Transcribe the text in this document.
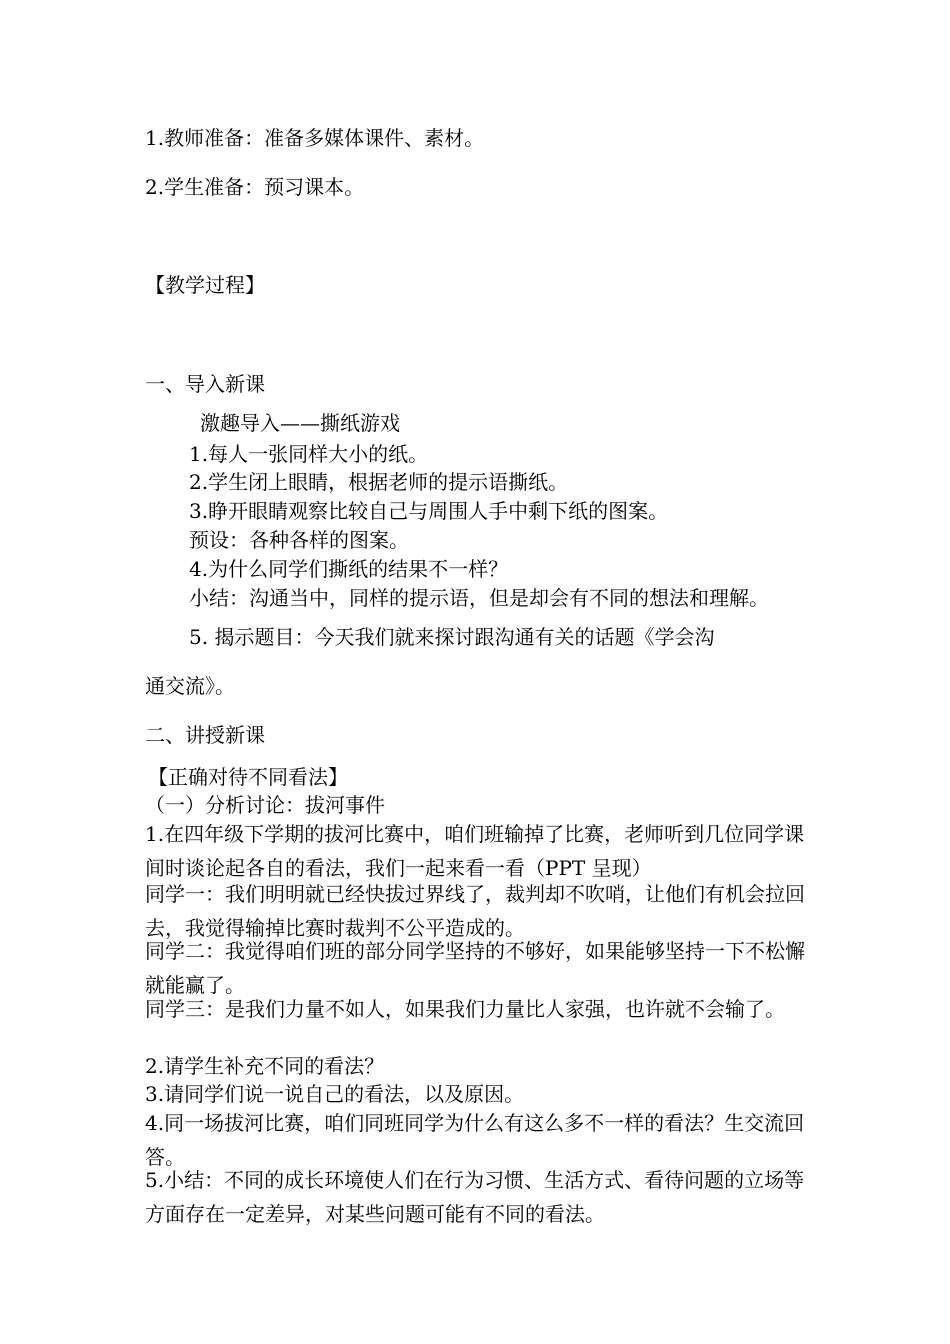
1.教师准备：准备多媒体课件、素材。

2.学生准备：预习课本。

【教学过程】

一、导入新课

激趣导入——撕纸游戏

1.每人一张同样大小的纸。

2.学生闭上眼睛，根据老师的提示语撕纸。

3.睁开眼睛观察比较自己与周围人手中剩下纸的图案。

预设：各种各样的图案。

4.为什么同学们撕纸的结果不一样？

小结：沟通当中，同样的提示语，但是却会有不同的想法和理解。

5. 揭示题目：今天我们就来探讨跟沟通有关的话题《学会沟

通交流》。

二、讲授新课

【正确对待不同看法】

（一）分析讨论：拔河事件

1.在四年级下学期的拔河比赛中，咱们班输掉了比赛，老师听到几位同学课间时谈论起各自的看法，我们一起来看一看（PPT 呈现）

同学一：我们明明就已经快拔过界线了，裁判却不吹哨，让他们有机会拉回去，我觉得输掉比赛时裁判不公平造成的。

同学二：我觉得咱们班的部分同学坚持的不够好，如果能够坚持一下不松懈就能赢了。

同学三：是我们力量不如人，如果我们力量比人家强，也许就不会输了。

2.请学生补充不同的看法？

3.请同学们说一说自己的看法，以及原因。

4.同一场拔河比赛，咱们同班同学为什么有这么多不一样的看法？生交流回答。

5.小结：不同的成长环境使人们在行为习惯、生活方式、看待问题的立场等方面存在一定差异，对某些问题可能有不同的看法。
